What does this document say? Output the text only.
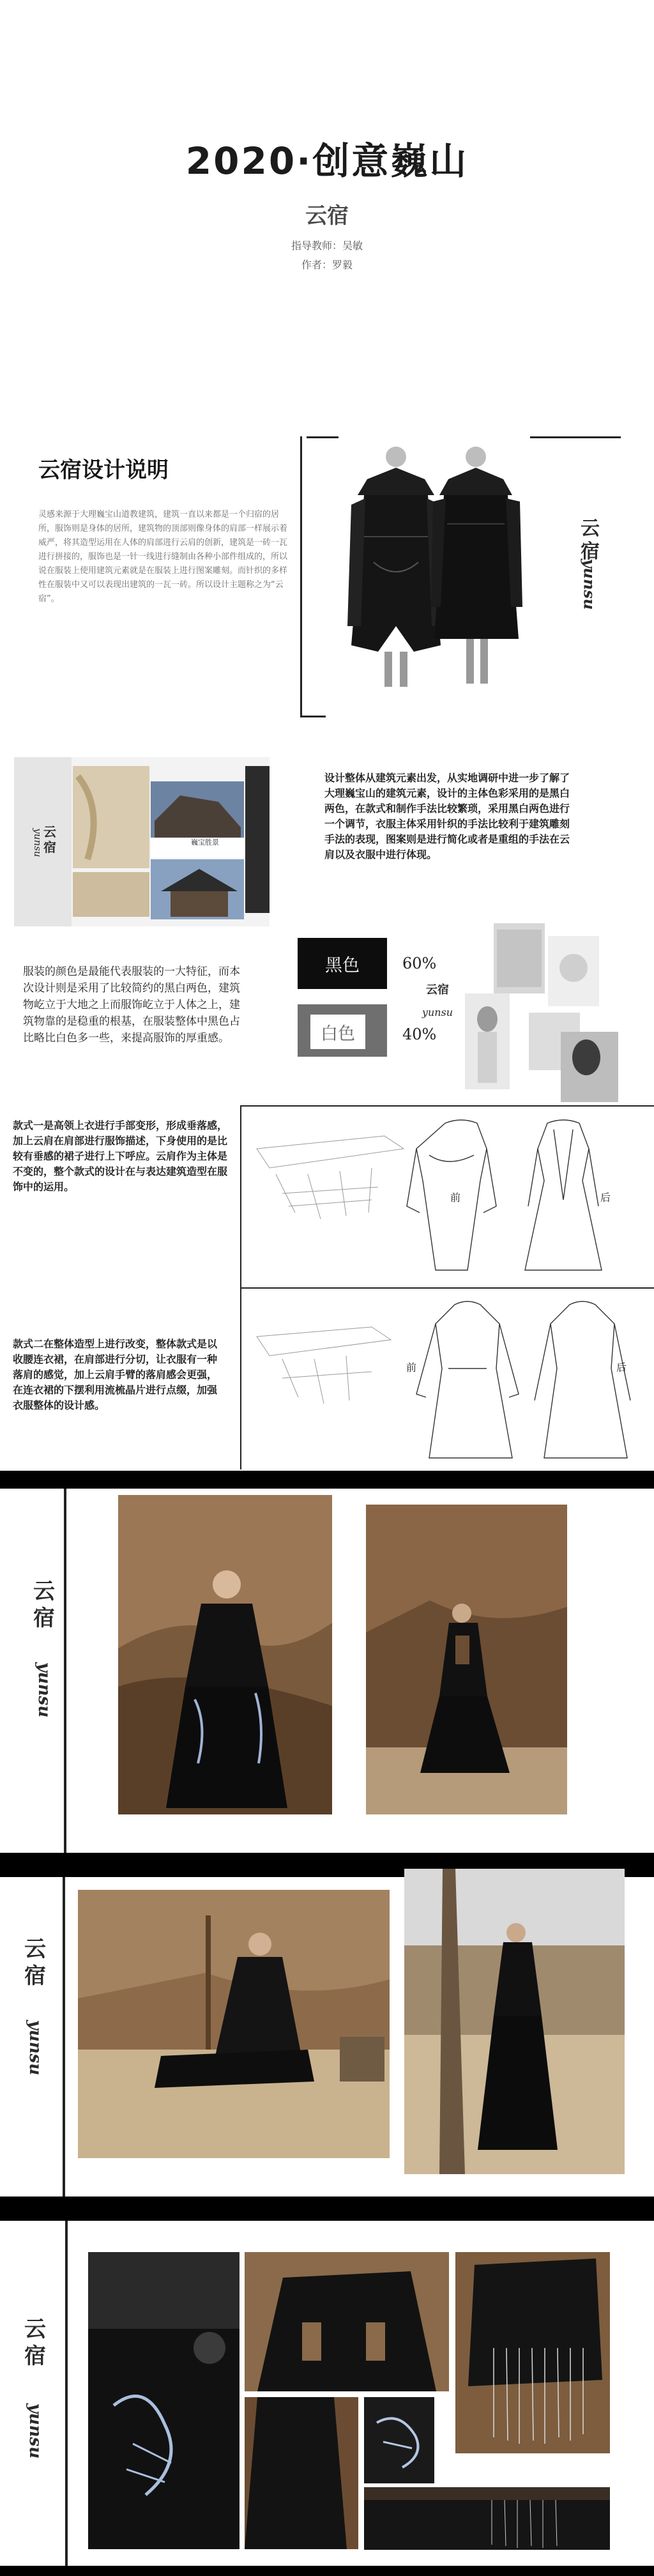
2020·创意巍山
云宿
指导教师：吴敏
作者：罗毅
云宿设计说明
灵感来源于大理巍宝山道教建筑，建筑一直以来都是一个归宿的居所，服饰则是身体的居所，建筑物的顶部则像身体的肩部一样展示着威严，将其造型运用在人体的肩部进行云肩的创新，建筑是一砖一瓦进行拼接的，服饰也是一针一线进行缝制由各种小部件组成的，所以说在服装上使用建筑元素就是在服装上进行图案雕刻。而针织的多样性在服装中又可以表现出建筑的一瓦一砖。所以设计主题称之为“云宿”。
云宿
yunsu
巍宝胜景
云宿
yunsu
设计整体从建筑元素出发，从实地调研中进一步了解了大理巍宝山的建筑元素，设计的主体色彩采用的是黑白两色，在款式和制作手法比较繁琐，采用黑白两色进行一个调节，衣服主体采用针织的手法比较利于建筑雕刻手法的表现，图案则是进行简化或者是重组的手法在云肩以及衣服中进行体现。
服装的颜色是最能代表服装的一大特征，而本次设计则是采用了比较简约的黑白两色，建筑物屹立于大地之上而服饰屹立于人体之上，建筑物靠的是稳重的根基，在服装整体中黑色占比略比白色多一些，来提高服饰的厚重感。
黑色
白色
60%
40%
云宿
yunsu
款式一是高领上衣进行手部变形，形成垂落感，加上云肩在肩部进行服饰描述，下身使用的是比较有垂感的裙子进行上下呼应。云肩作为主体是不变的，整个款式的设计在与表达建筑造型在服饰中的运用。
前	后
款式二在整体造型上进行改变，整体款式是以收腰连衣裙，在肩部进行分切，让衣服有一种落肩的感觉，加上云肩手臂的落肩感会更强，在连衣裙的下摆利用流梳晶片进行点缀，加强衣服整体的设计感。
前	后
云宿
yunsu
云宿
yunsu
云宿
yunsu
